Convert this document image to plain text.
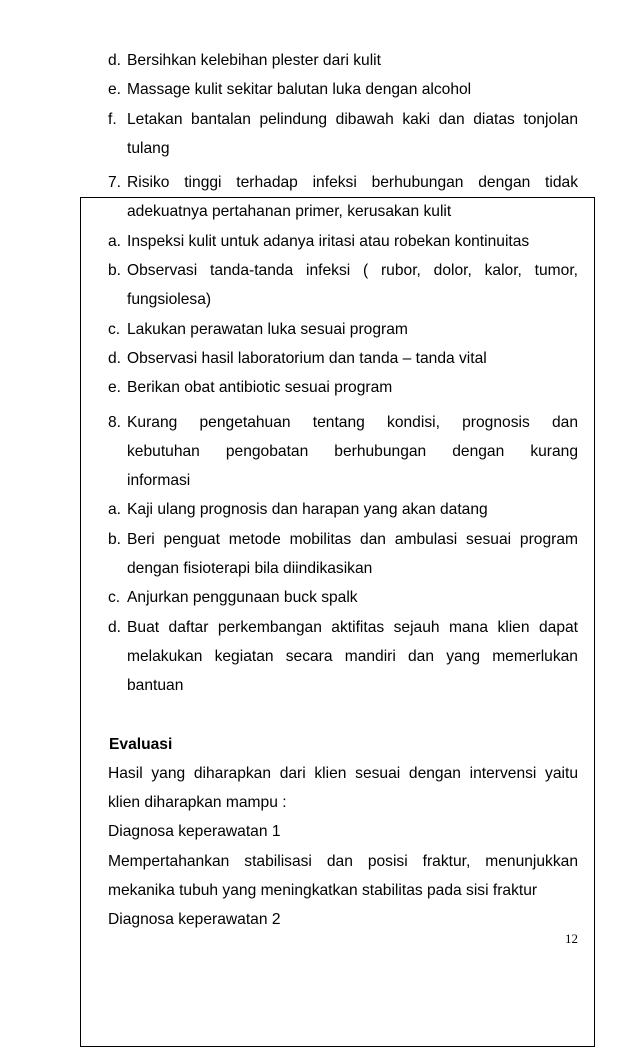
d. Bersihkan kelebihan plester dari kulit
e. Massage kulit sekitar balutan luka dengan alcohol
f. Letakan bantalan pelindung dibawah kaki dan diatas tonjolan
tulang
7. Risiko tinggi terhadap infeksi berhubungan dengan tidak
adekuatnya pertahanan primer, kerusakan kulit
a. Inspeksi kulit untuk adanya iritasi atau robekan kontinuitas
b. Observasi tanda-tanda infeksi ( rubor, dolor, kalor, tumor,
fungsiolesa)
c. Lakukan perawatan luka sesuai program
d. Observasi hasil laboratorium dan tanda – tanda vital
e. Berikan obat antibiotic sesuai program
8. Kurang pengetahuan tentang kondisi, prognosis dan
kebutuhan pengobatan berhubungan dengan kurang
informasi
a. Kaji ulang prognosis dan harapan yang akan datang
b. Beri penguat metode mobilitas dan ambulasi sesuai program
dengan fisioterapi bila diindikasikan
c. Anjurkan penggunaan buck spalk
d. Buat daftar perkembangan aktifitas sejauh mana klien dapat
melakukan kegiatan secara mandiri dan yang memerlukan
bantuan
Evaluasi
Hasil yang diharapkan dari klien sesuai dengan intervensi yaitu
klien diharapkan mampu :
Diagnosa keperawatan 1
Mempertahankan stabilisasi dan posisi fraktur, menunjukkan
mekanika tubuh yang meningkatkan stabilitas pada sisi fraktur
Diagnosa keperawatan 2
12
